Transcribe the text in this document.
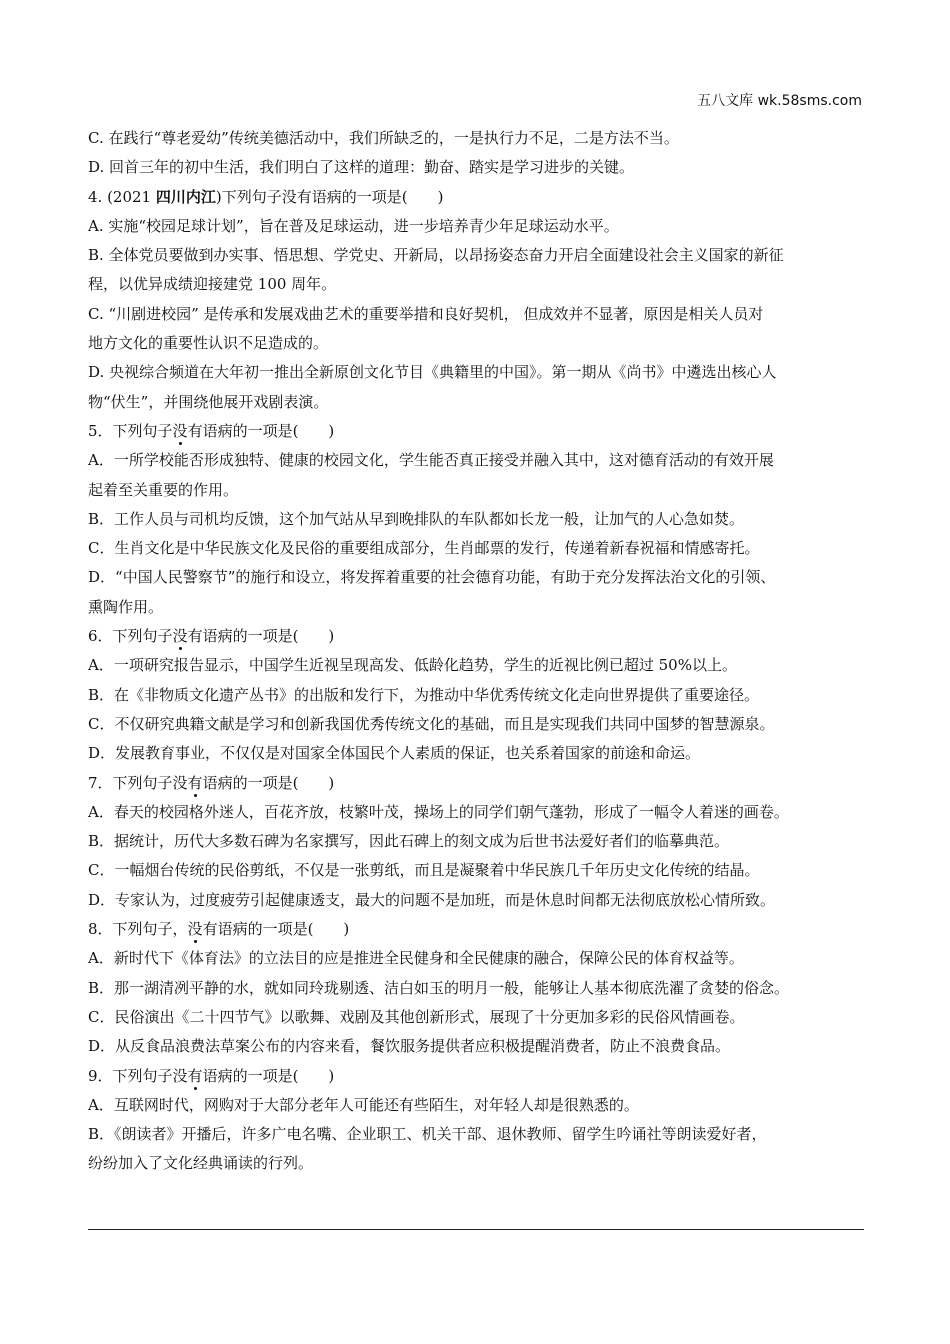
五八文库 wk.58sms.com
C. 在践行“尊老爱幼”传统美德活动中，我们所缺乏的，一是执行力不足，二是方法不当。
D. 回首三年的初中生活，我们明白了这样的道理：勤奋、踏实是学习进步的关键。
4. (2021 四川内江)下列句子没有语病的一项是(　　)
A. 实施“校园足球计划”，旨在普及足球运动，进一步培养青少年足球运动水平。
B. 全体党员要做到办实事、悟思想、学党史、开新局，以昂扬姿态奋力开启全面建设社会主义国家的新征
程，以优异成绩迎接建党 100 周年。
C. “川剧进校园” 是传承和发展戏曲艺术的重要举措和良好契机， 但成效并不显著，原因是相关人员对
地方文化的重要性认识不足造成的。
D. 央视综合频道在大年初一推出全新原创文化节目《典籍里的中国》。第一期从《尚书》中遴选出核心人
物“伏生”，并围绕他展开戏剧表演。
5．下列句子没有语病的一项是(　　)
A．一所学校能否形成独特、健康的校园文化，学生能否真正接受并融入其中，这对德育活动的有效开展
起着至关重要的作用。
B．工作人员与司机均反馈，这个加气站从早到晚排队的车队都如长龙一般，让加气的人心急如焚。
C．生肖文化是中华民族文化及民俗的重要组成部分，生肖邮票的发行，传递着新春祝福和情感寄托。
D．“中国人民警察节”的施行和设立，将发挥着重要的社会德育功能，有助于充分发挥法治文化的引领、
熏陶作用。
6．下列句子没有语病的一项是(　　)
A．一项研究报告显示，中国学生近视呈现高发、低龄化趋势，学生的近视比例已超过 50%以上。
B．在《非物质文化遗产丛书》的出版和发行下，为推动中华优秀传统文化走向世界提供了重要途径。
C．不仅研究典籍文献是学习和创新我国优秀传统文化的基础，而且是实现我们共同中国梦的智慧源泉。
D．发展教育事业，不仅仅是对国家全体国民个人素质的保证，也关系着国家的前途和命运。
7．下列句子没有语病的一项是(　　)
A．春天的校园格外迷人，百花齐放，枝繁叶茂，操场上的同学们朝气蓬勃，形成了一幅令人着迷的画卷。
B．据统计，历代大多数石碑为名家撰写，因此石碑上的刻文成为后世书法爱好者们的临摹典范。
C．一幅烟台传统的民俗剪纸，不仅是一张剪纸，而且是凝聚着中华民族几千年历史文化传统的结晶。
D．专家认为，过度疲劳引起健康透支，最大的问题不是加班，而是休息时间都无法彻底放松心情所致。
8．下列句子，没有语病的一项是(　　)
A．新时代下《体育法》的立法目的应是推进全民健身和全民健康的融合，保障公民的体育权益等。
B．那一湖清冽平静的水，就如同玲珑剔透、洁白如玉的明月一般，能够让人基本彻底洗濯了贪婪的俗念。
C．民俗演出《二十四节气》以歌舞、戏剧及其他创新形式，展现了十分更加多彩的民俗风情画卷。
D．从反食品浪费法草案公布的内容来看，餐饮服务提供者应积极提醒消费者，防止不浪费食品。
9．下列句子没有语病的一项是(　　)
A．互联网时代，网购对于大部分老年人可能还有些陌生，对年轻人却是很熟悉的。
B．《朗读者》开播后，许多广电名嘴、企业职工、机关干部、退休教师、留学生吟诵社等朗读爱好者，
纷纷加入了文化经典诵读的行列。
